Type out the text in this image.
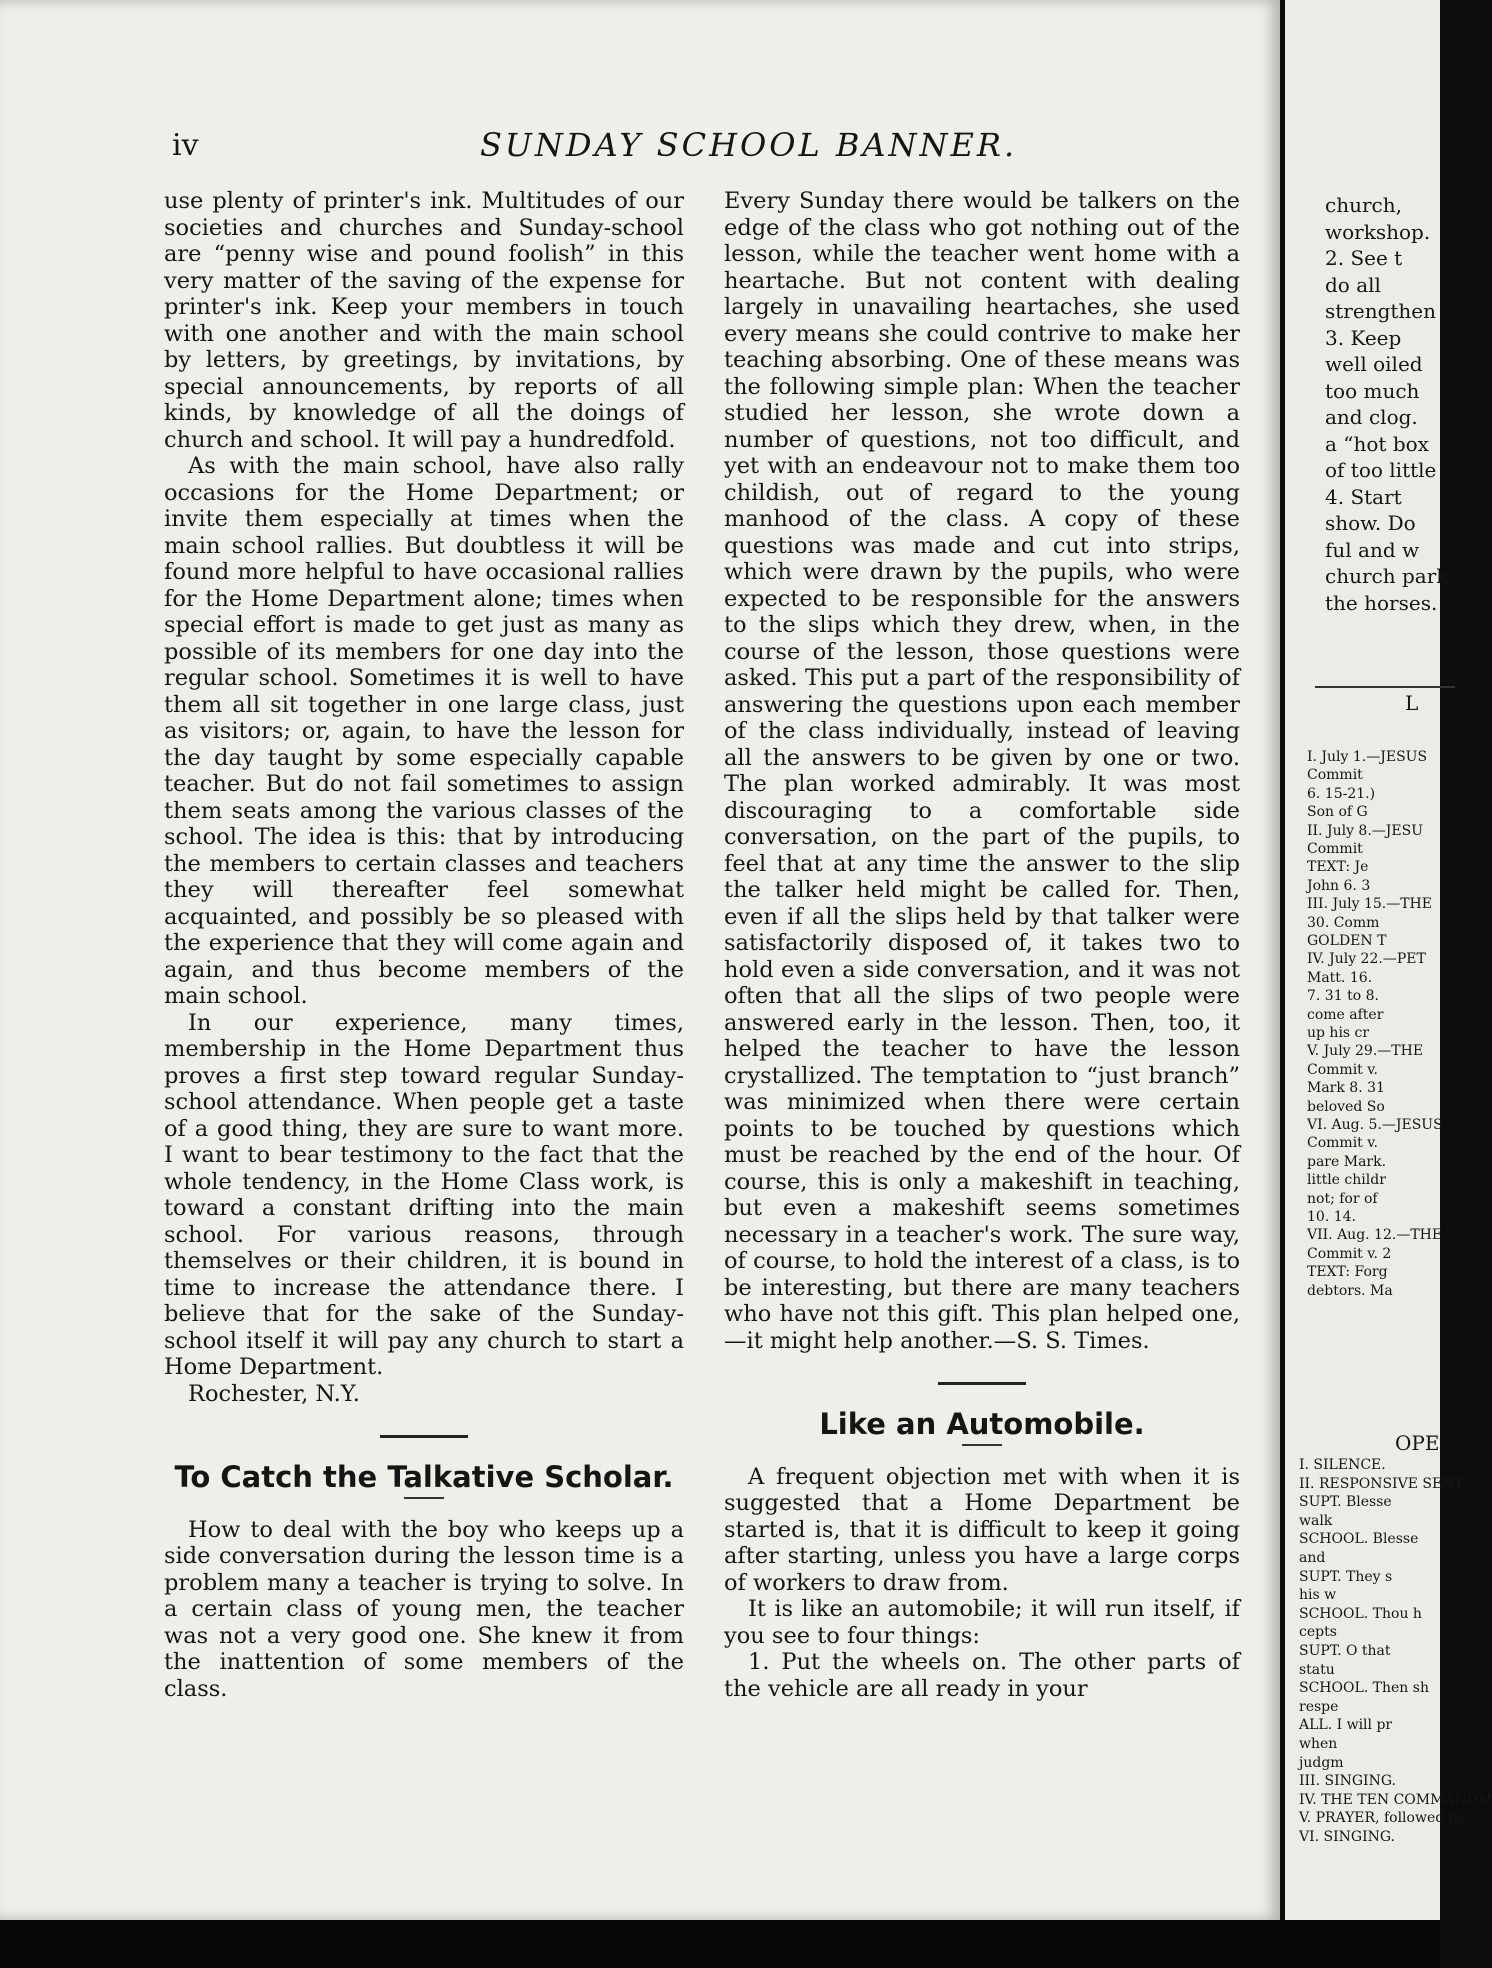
iv	SUNDAY SCHOOL BANNER.

use plenty of printer's ink. Multitudes of our societies and churches and Sunday-school are “penny wise and pound foolish” in this very matter of the saving of the expense for printer's ink. Keep your members in touch with one another and with the main school by letters, by greetings, by invitations, by special announcements, by reports of all kinds, by knowledge of all the doings of church and school. It will pay a hundredfold.

As with the main school, have also rally occasions for the Home Department; or invite them especially at times when the main school rallies. But doubtless it will be found more helpful to have occasional rallies for the Home Department alone; times when special effort is made to get just as many as possible of its members for one day into the regular school. Sometimes it is well to have them all sit together in one large class, just as visitors; or, again, to have the lesson for the day taught by some especially capable teacher. But do not fail sometimes to assign them seats among the various classes of the school. The idea is this: that by introducing the members to certain classes and teachers they will thereafter feel somewhat acquainted, and possibly be so pleased with the experience that they will come again and again, and thus become members of the main school.

In our experience, many times, membership in the Home Department thus proves a first step toward regular Sunday-school attendance. When people get a taste of a good thing, they are sure to want more. I want to bear testimony to the fact that the whole tendency, in the Home Class work, is toward a constant drifting into the main school. For various reasons, through themselves or their children, it is bound in time to increase the attendance there. I believe that for the sake of the Sunday-school itself it will pay any church to start a Home Department.

Rochester, N.Y.

To Catch the Talkative Scholar.

How to deal with the boy who keeps up a side conversation during the lesson time is a problem many a teacher is trying to solve. In a certain class of young men, the teacher was not a very good one. She knew it from the inattention of some members of the class.

Every Sunday there would be talkers on the edge of the class who got nothing out of the lesson, while the teacher went home with a heartache. But not content with dealing largely in unavailing heartaches, she used every means she could contrive to make her teaching absorbing. One of these means was the following simple plan: When the teacher studied her lesson, she wrote down a number of questions, not too difficult, and yet with an endeavour not to make them too childish, out of regard to the young manhood of the class. A copy of these questions was made and cut into strips, which were drawn by the pupils, who were expected to be responsible for the answers to the slips which they drew, when, in the course of the lesson, those questions were asked. This put a part of the responsibility of answering the questions upon each member of the class individually, instead of leaving all the answers to be given by one or two. The plan worked admirably. It was most discouraging to a comfortable side conversation, on the part of the pupils, to feel that at any time the answer to the slip the talker held might be called for. Then, even if all the slips held by that talker were satisfactorily disposed of, it takes two to hold even a side conversation, and it was not often that all the slips of two people were answered early in the lesson. Then, too, it helped the teacher to have the lesson crystallized. The temptation to “just branch” was minimized when there were certain points to be touched by questions which must be reached by the end of the hour. Of course, this is only a makeshift in teaching, but even a makeshift seems sometimes necessary in a teacher's work. The sure way, of course, to hold the interest of a class, is to be interesting, but there are many teachers who have not this gift. This plan helped one,—it might help another.—S. S. Times.

Like an Automobile.

A frequent objection met with when it is suggested that a Home Department be started is, that it is difficult to keep it going after starting, unless you have a large corps of workers to draw from.

It is like an automobile; it will run itself, if you see to four things:

1. Put the wheels on. The other parts of the vehicle are all ready in your

church,
workshop.
2. See t
do all
strengthen
3. Keep
well oiled
too much
and clog.
a “hot box
of too little
4. Start
show. Do
ful and w
church park
the horses.
L
I. July 1.—JESUS
Commit
6. 15-21.)
Son of G
II. July 8.—JESU
Commit
TEXT: Je
John 6. 3
III. July 15.—THE
30. Comm
GOLDEN T
IV. July 22.—PET
Matt. 16.
7. 31 to 8.
come after
up his cr
V. July 29.—THE
Commit v.
Mark 8. 31
beloved So
VI. Aug. 5.—JESUS
Commit v.
pare Mark.
little childr
not; for of
10. 14.
VII. Aug. 12.—THE
Commit v. 2
TEXT: Forg
debtors. Ma
OPE
I. SILENCE.
II. RESPONSIVE SENT
SUPT. Blesse
walk
SCHOOL. Blesse
and
SUPT. They s
his w
SCHOOL. Thou h
cepts
SUPT. O that
statu
SCHOOL. Then sh
respe
ALL. I will pr
when
judgm
III. SINGING.
IV. THE TEN COMMANDM
V. PRAYER, followed by
VI. SINGING.
